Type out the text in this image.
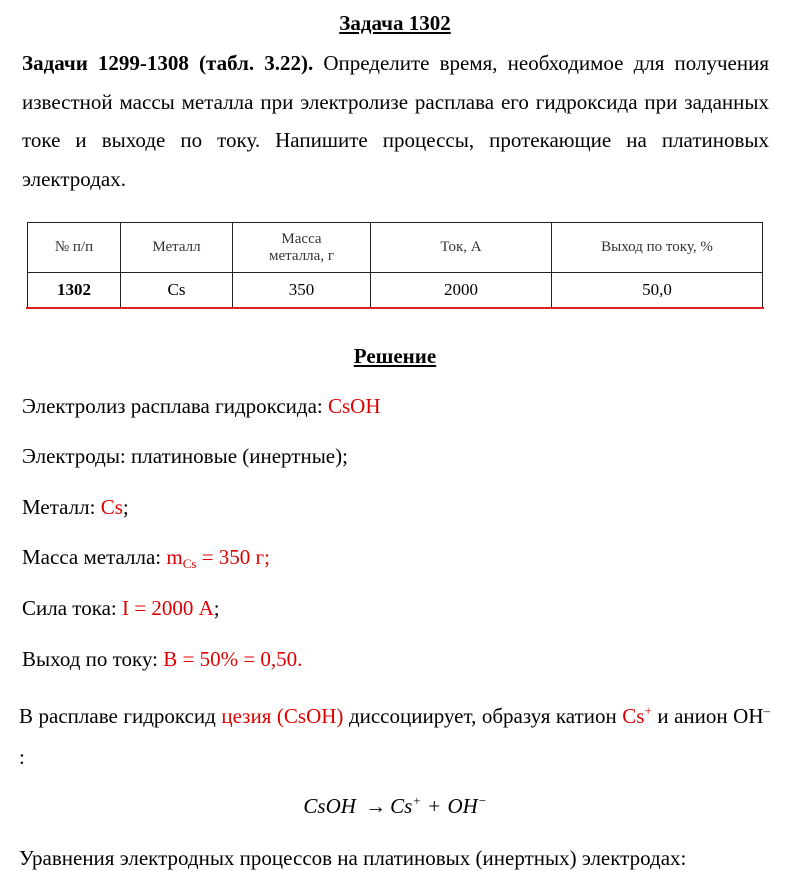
Задача 1302

Задачи 1299-1308 (табл. 3.22). Определите время, необходимое для получения известной массы металла при электролизе расплава его гидроксида при заданных токе и выходе по току. Напишите процессы, протекающие на платиновых электродах.

№ п/п	Металл	Масса металла, г	Ток, А	Выход по току, %
1302	Cs	350	2000	50,0
Решение
Электролиз расплава гидроксида: CsOH
Электроды: платиновые (инертные);
Металл: Cs;
Масса металла: $m_{Cs} = 350$ г;
Сила тока: I = 2000 А;
Выход по току: В = 50% = 0,50.

В расплаве гидроксид цезия (CsOH) диссоциирует, образуя катион Cs+ и анион OH– :

CsOH → Cs+ + OH−
Уравнения электродных процессов на платиновых (инертных) электродах:
